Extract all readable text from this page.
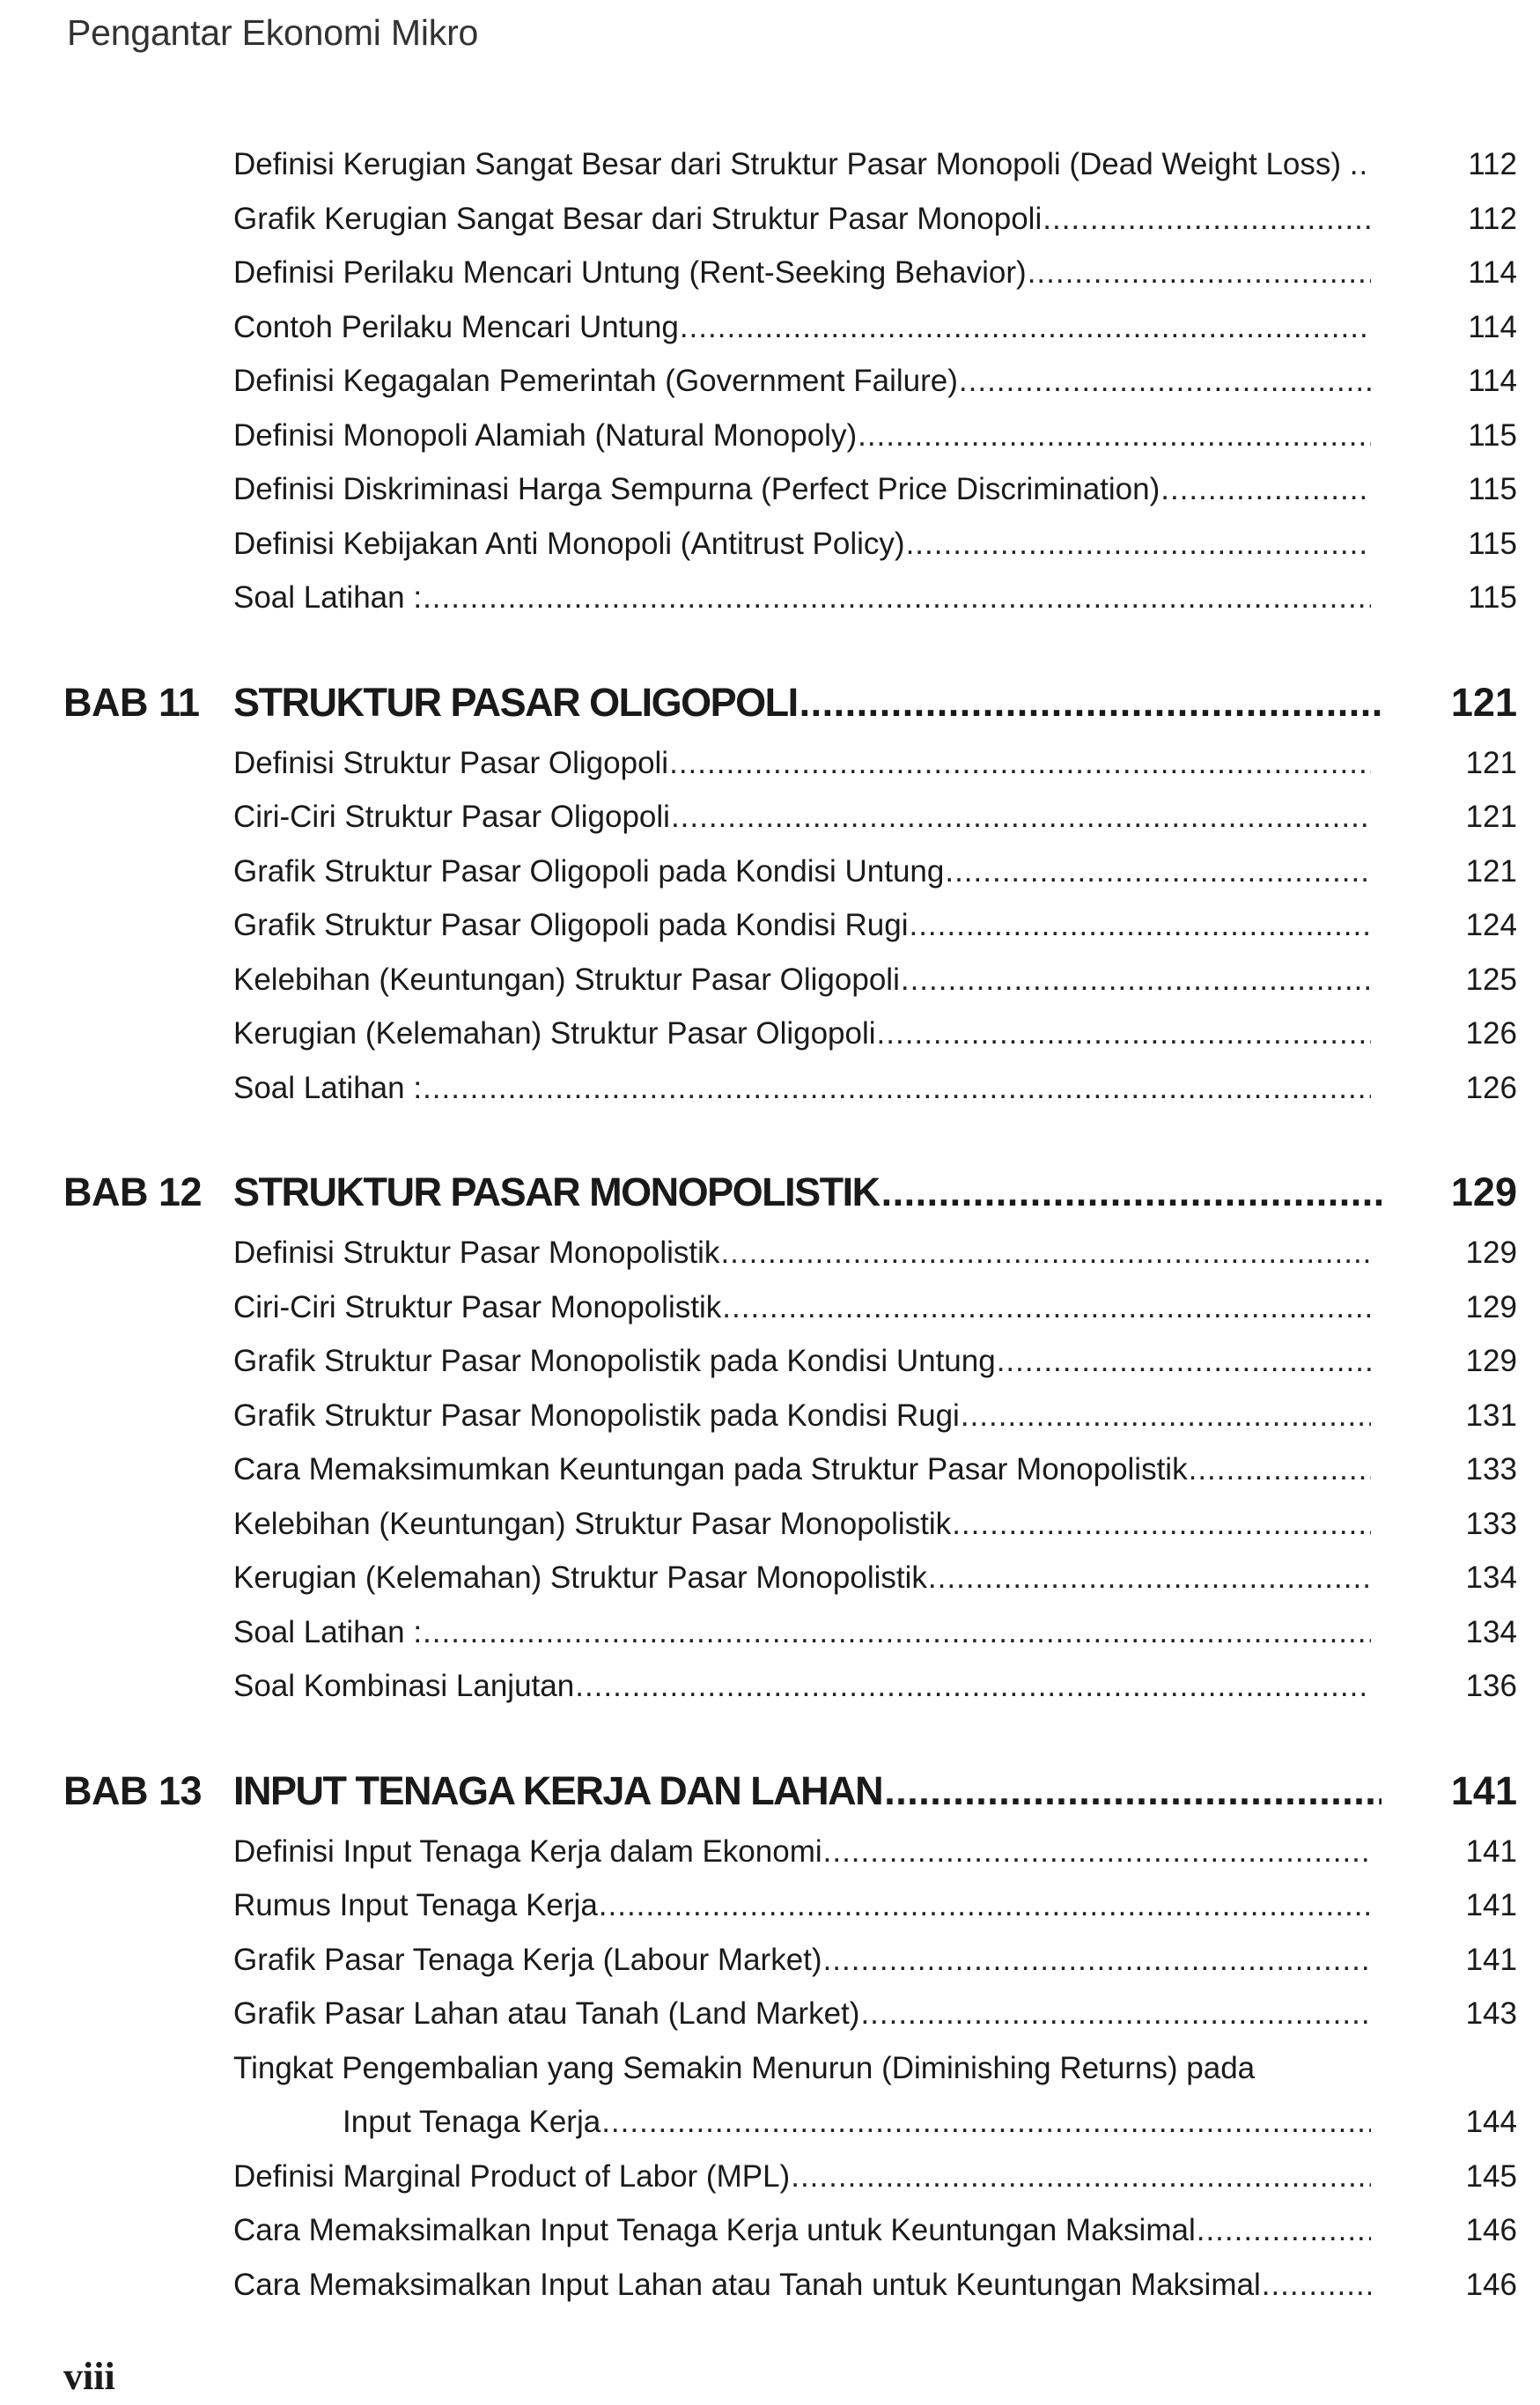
Pengantar Ekonomi Mikro
Definisi Kerugian Sangat Besar dari Struktur Pasar Monopoli (Dead Weight Loss) . .....	112
Grafik Kerugian Sangat Besar dari Struktur Pasar Monopoli .....	112
Definisi Perilaku Mencari Untung (Rent-Seeking Behavior) .....	114
Contoh Perilaku Mencari Untung .....	114
Definisi Kegagalan Pemerintah (Government Failure) .....	114
Definisi Monopoli Alamiah (Natural Monopoly) .....	115
Definisi Diskriminasi Harga Sempurna (Perfect Price Discrimination) .....	115
Definisi Kebijakan Anti Monopoli (Antitrust Policy) .....	115
Soal Latihan : .....	115
BAB 11 STRUKTUR PASAR OLIGOPOLI .....	121
Definisi Struktur Pasar Oligopoli .....	121
Ciri-Ciri Struktur Pasar Oligopoli .....	121
Grafik Struktur Pasar Oligopoli pada Kondisi Untung .....	121
Grafik Struktur Pasar Oligopoli pada Kondisi Rugi .....	124
Kelebihan (Keuntungan) Struktur Pasar Oligopoli .....	125
Kerugian (Kelemahan) Struktur Pasar Oligopoli .....	126
Soal Latihan : .....	126
BAB 12 STRUKTUR PASAR MONOPOLISTIK .....	129
Definisi Struktur Pasar Monopolistik .....	129
Ciri-Ciri Struktur Pasar Monopolistik .....	129
Grafik Struktur Pasar Monopolistik pada Kondisi Untung .....	129
Grafik Struktur Pasar Monopolistik pada Kondisi Rugi .....	131
Cara Memaksimumkan Keuntungan pada Struktur Pasar Monopolistik .....	133
Kelebihan (Keuntungan) Struktur Pasar Monopolistik .....	133
Kerugian (Kelemahan) Struktur Pasar Monopolistik .....	134
Soal Latihan : .....	134
Soal Kombinasi Lanjutan .....	136
BAB 13 INPUT TENAGA KERJA DAN LAHAN .....	141
Definisi Input Tenaga Kerja dalam Ekonomi .....	141
Rumus Input Tenaga Kerja .....	141
Grafik Pasar Tenaga Kerja (Labour Market) .....	141
Grafik Pasar Lahan atau Tanah (Land Market) .....	143
Tingkat Pengembalian yang Semakin Menurun (Diminishing Returns) pada
Input Tenaga Kerja .....	144
Definisi Marginal Product of Labor (MPL) .....	145
Cara Memaksimalkan Input Tenaga Kerja untuk Keuntungan Maksimal .....	146
Cara Memaksimalkan Input Lahan atau Tanah untuk Keuntungan Maksimal .....	146
viii
